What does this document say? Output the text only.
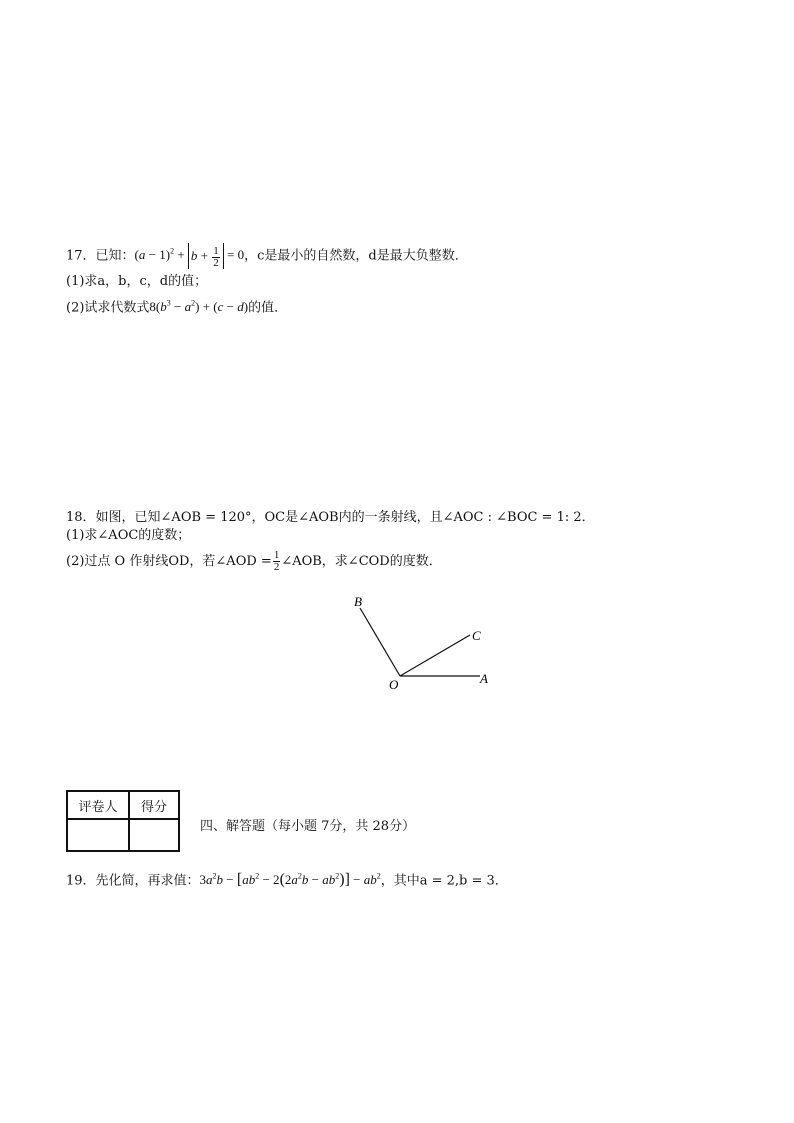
17．已知：$(a - 1)^2 + b + \frac{1}{2} = 0$，c是最小的自然数，d是最大负整数．
(1)求a，b，c，d的值；
(2)试求代数式$8(b^3 - a^2) + (c - d)$的值．
18．如图，已知∠AOB = 120°，OC是∠AOB内的一条射线，且∠AOC : ∠BOC = 1: 2．
(1)求∠AOC的度数；
(2)过点 O 作射线OD，若∠AOD = $\frac{1}{2}$ ∠AOB，求∠COD的度数．
B
C
O	A
评卷人	得分

四、解答题（每小题 7分，共 28分）
19．先化简，再求值：$3a^2b - [ab^2 - 2(2a^2b - ab^2)] - ab^2$，其中a = 2,b = 3．
